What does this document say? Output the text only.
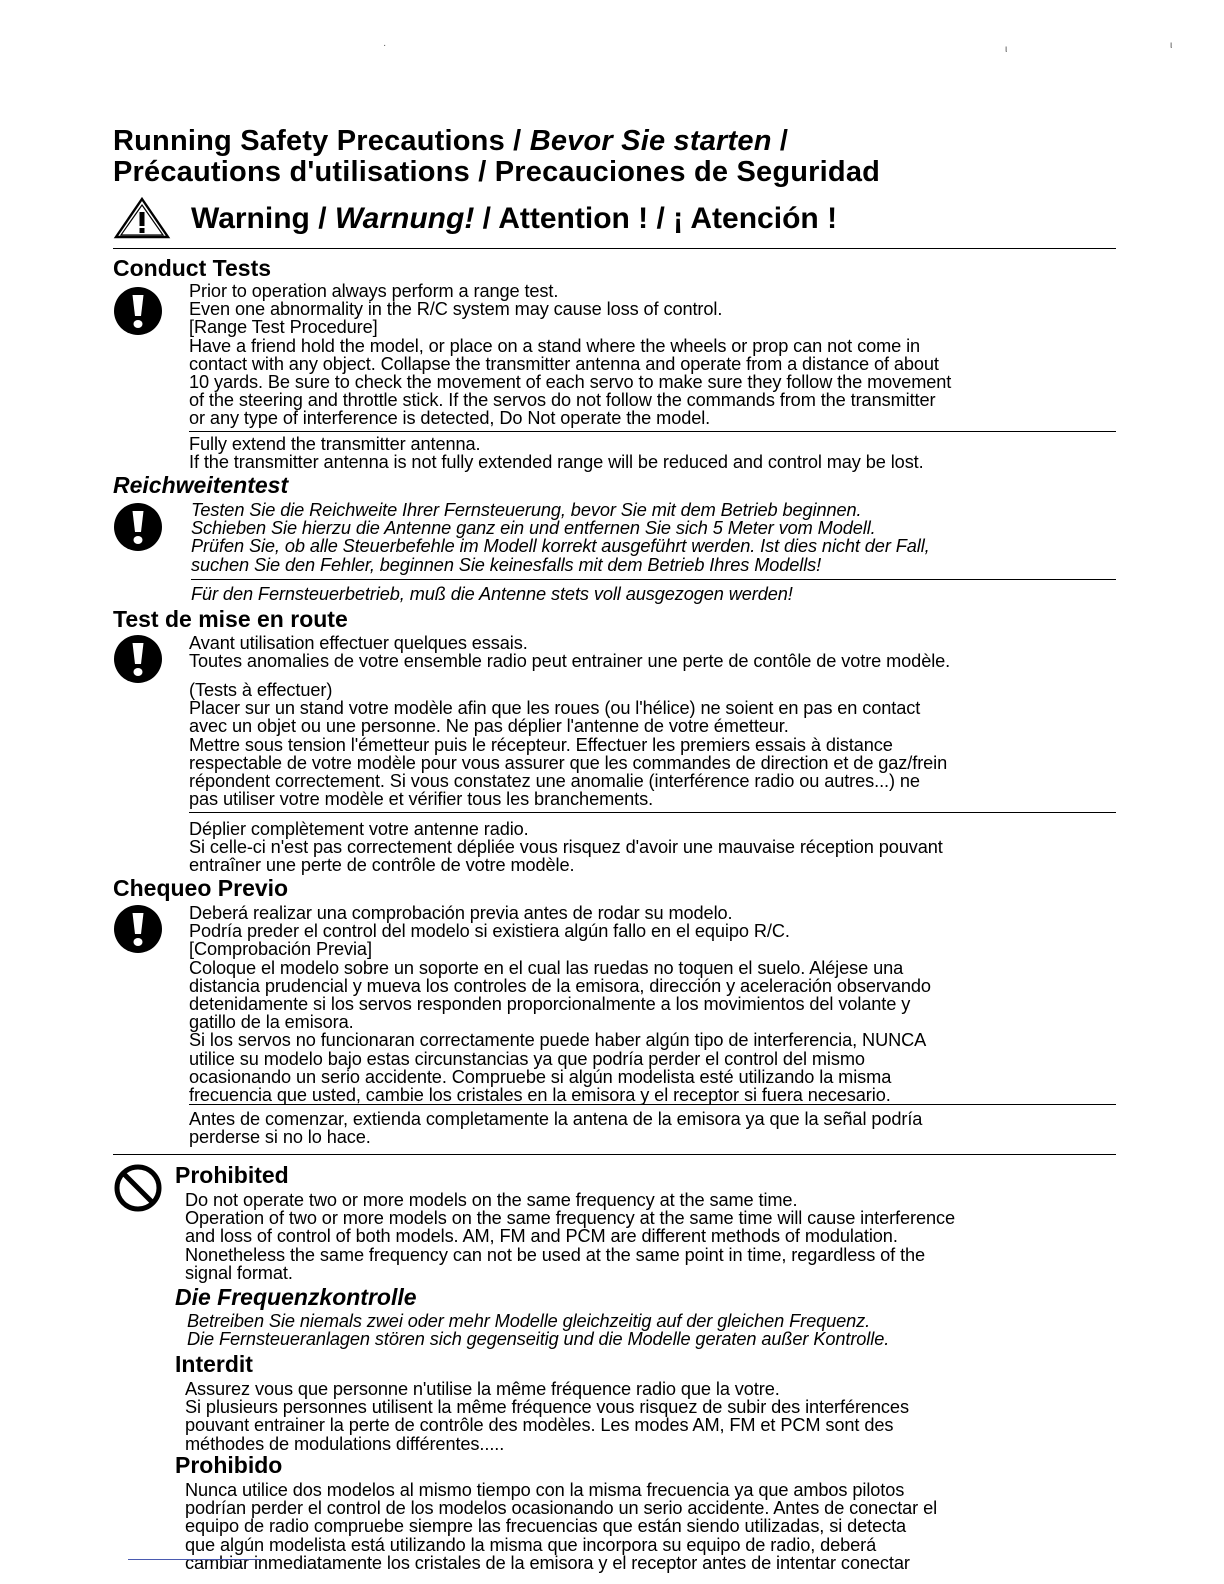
·	ι	ι
Running Safety Precautions / Bevor Sie starten /
Précautions d'utilisations / Precauciones de Seguridad
Warning / Warnung! / Attention ! / ¡ Atención !
Conduct Tests
Prior to operation always perform a range test.
Even one abnormality in the R/C system may cause loss of control.
[Range Test Procedure]
Have a friend hold the model, or place on a stand where the wheels or prop can not come in
contact with any object. Collapse the transmitter antenna and operate from a distance of about
10 yards. Be sure to check the movement of each servo to make sure they follow the movement
of the steering and throttle stick. If the servos do not follow the commands from the transmitter
or any type of interference is detected, Do Not operate the model.
Fully extend the transmitter antenna.
If the transmitter antenna is not fully extended range will be reduced and control may be lost.
Reichweitentest
Testen Sie die Reichweite Ihrer Fernsteuerung, bevor Sie mit dem Betrieb beginnen.
Schieben Sie hierzu die Antenne ganz ein und entfernen Sie sich 5 Meter vom Modell.
Prüfen Sie, ob alle Steuerbefehle im Modell korrekt ausgeführt werden. Ist dies nicht der Fall,
suchen Sie den Fehler, beginnen Sie keinesfalls mit dem Betrieb Ihres Modells!
Für den Fernsteuerbetrieb, muß die Antenne stets voll ausgezogen werden!
Test de mise en route
Avant utilisation effectuer quelques essais.
Toutes anomalies de votre ensemble radio peut entrainer une perte de contôle de votre modèle.
(Tests à effectuer)
Placer sur un stand votre modèle afin que les roues (ou l'hélice) ne soient en pas en contact
avec un objet ou une personne. Ne pas déplier l'antenne de votre émetteur.
Mettre sous tension l'émetteur puis le récepteur. Effectuer les premiers essais à distance
respectable de votre modèle pour vous assurer que les commandes de direction et de gaz/frein
répondent correctement. Si vous constatez une anomalie (interférence radio ou autres...) ne
pas utiliser votre modèle et vérifier tous les branchements.
Déplier complètement votre antenne radio.
Si celle-ci n'est pas correctement dépliée vous risquez d'avoir une mauvaise réception pouvant
entraîner une perte de contrôle de votre modèle.
Chequeo Previo
Deberá realizar una comprobación previa antes de rodar su modelo.
Podría preder el control del modelo si existiera algún fallo en el equipo R/C.
[Comprobación Previa]
Coloque el modelo sobre un soporte en el cual las ruedas no toquen el suelo. Aléjese una
distancia prudencial y mueva los controles de la emisora, dirección y aceleración observando
detenidamente si los servos responden proporcionalmente a los movimientos del volante y
gatillo de la emisora.
Si los servos no funcionaran correctamente puede haber algún tipo de interferencia, NUNCA
utilice su modelo bajo estas circunstancias ya que podría perder el control del mismo
ocasionando un serio accidente. Compruebe si algún modelista esté utilizando la misma
frecuencia que usted, cambie los cristales en la emisora y el receptor si fuera necesario.
Antes de comenzar, extienda completamente la antena de la emisora ya que la señal podría
perderse si no lo hace.
Prohibited
Do not operate two or more models on the same frequency at the same time.
Operation of two or more models on the same frequency at the same time will cause interference
and loss of control of both models. AM, FM and PCM are different methods of modulation.
Nonetheless the same frequency can not be used at the same point in time, regardless of the
signal format.
Die Frequenzkontrolle
Betreiben Sie niemals zwei oder mehr Modelle gleichzeitig auf der gleichen Frequenz.
Die Fernsteueranlagen stören sich gegenseitig und die Modelle geraten außer Kontrolle.
Interdit
Assurez vous que personne n'utilise la même fréquence radio que la votre.
Si plusieurs personnes utilisent la même fréquence vous risquez de subir des interférences
pouvant entrainer la perte de contrôle des modèles. Les modes AM, FM et PCM sont des
méthodes de modulations différentes.....
Prohibido
Nunca utilice dos modelos al mismo tiempo con la misma frecuencia ya que ambos pilotos
podrían perder el control de los modelos ocasionando un serio accidente. Antes de conectar el
equipo de radio compruebe siempre las frecuencias que están siendo utilizadas, si detecta
que algún modelista está utilizando la misma que incorpora su equipo de radio, deberá
cambiar inmediatamente los cristales de la emisora y el receptor antes de intentar conectar
